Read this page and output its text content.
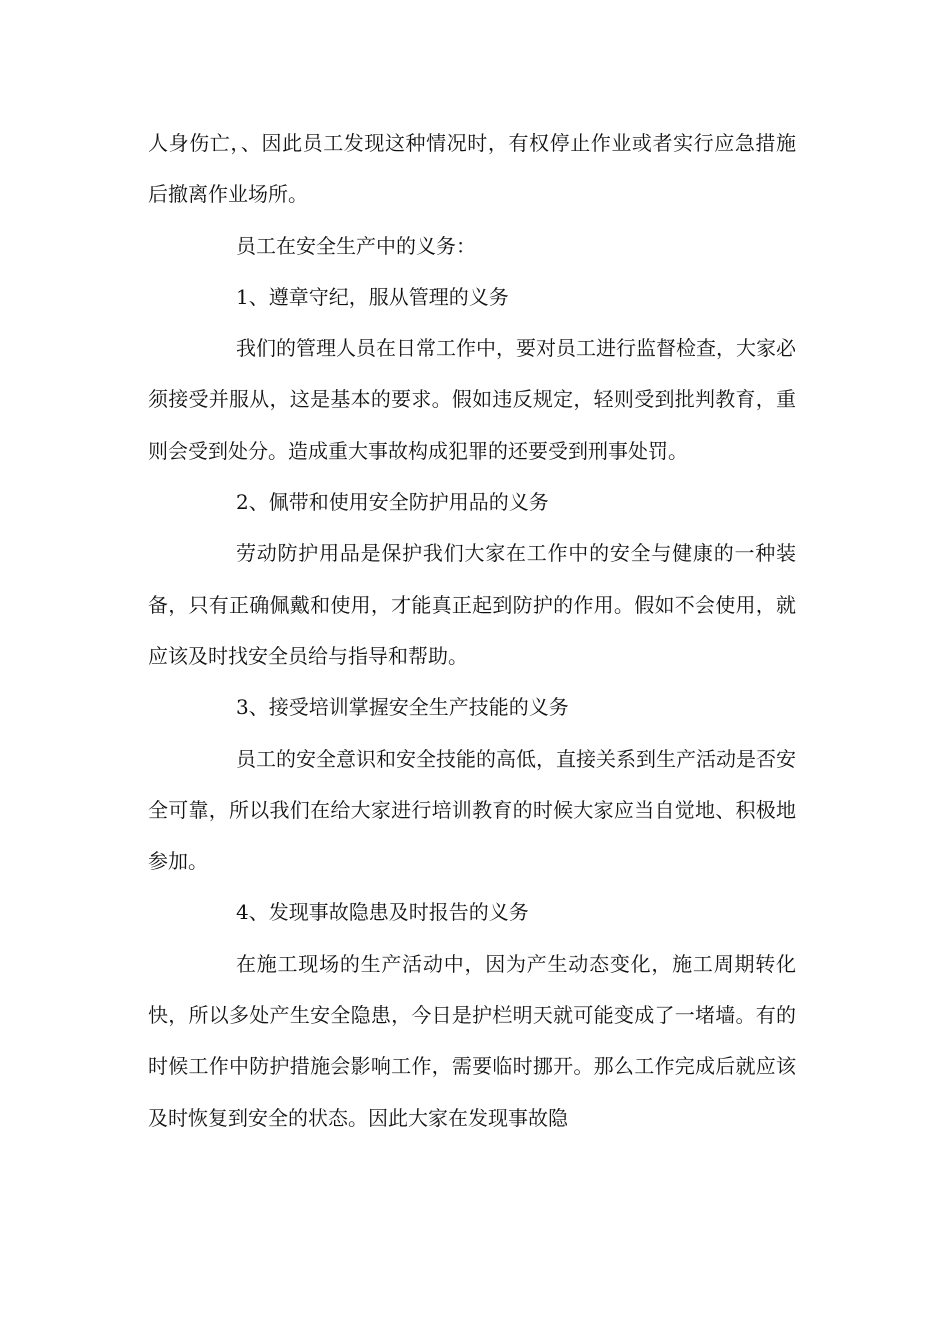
人身伤亡，、因此员工发现这种情况时，有权停止作业或者实行应急措施后撤离作业场所。

员工在安全生产中的义务：

1、遵章守纪，服从管理的义务

我们的管理人员在日常工作中，要对员工进行监督检查，大家必须接受并服从，这是基本的要求。假如违反规定，轻则受到批判教育，重则会受到处分。造成重大事故构成犯罪的还要受到刑事处罚。

2、佩带和使用安全防护用品的义务

劳动防护用品是保护我们大家在工作中的安全与健康的一种装备，只有正确佩戴和使用，才能真正起到防护的作用。假如不会使用，就应该及时找安全员给与指导和帮助。

3、接受培训掌握安全生产技能的义务

员工的安全意识和安全技能的高低，直接关系到生产活动是否安全可靠，所以我们在给大家进行培训教育的时候大家应当自觉地、积极地参加。

4、发现事故隐患及时报告的义务

在施工现场的生产活动中，因为产生动态变化，施工周期转化快，所以多处产生安全隐患，今日是护栏明天就可能变成了一堵墙。有的时候工作中防护措施会影响工作，需要临时挪开。那么工作完成后就应该及时恢复到安全的状态。因此大家在发现事故隐
